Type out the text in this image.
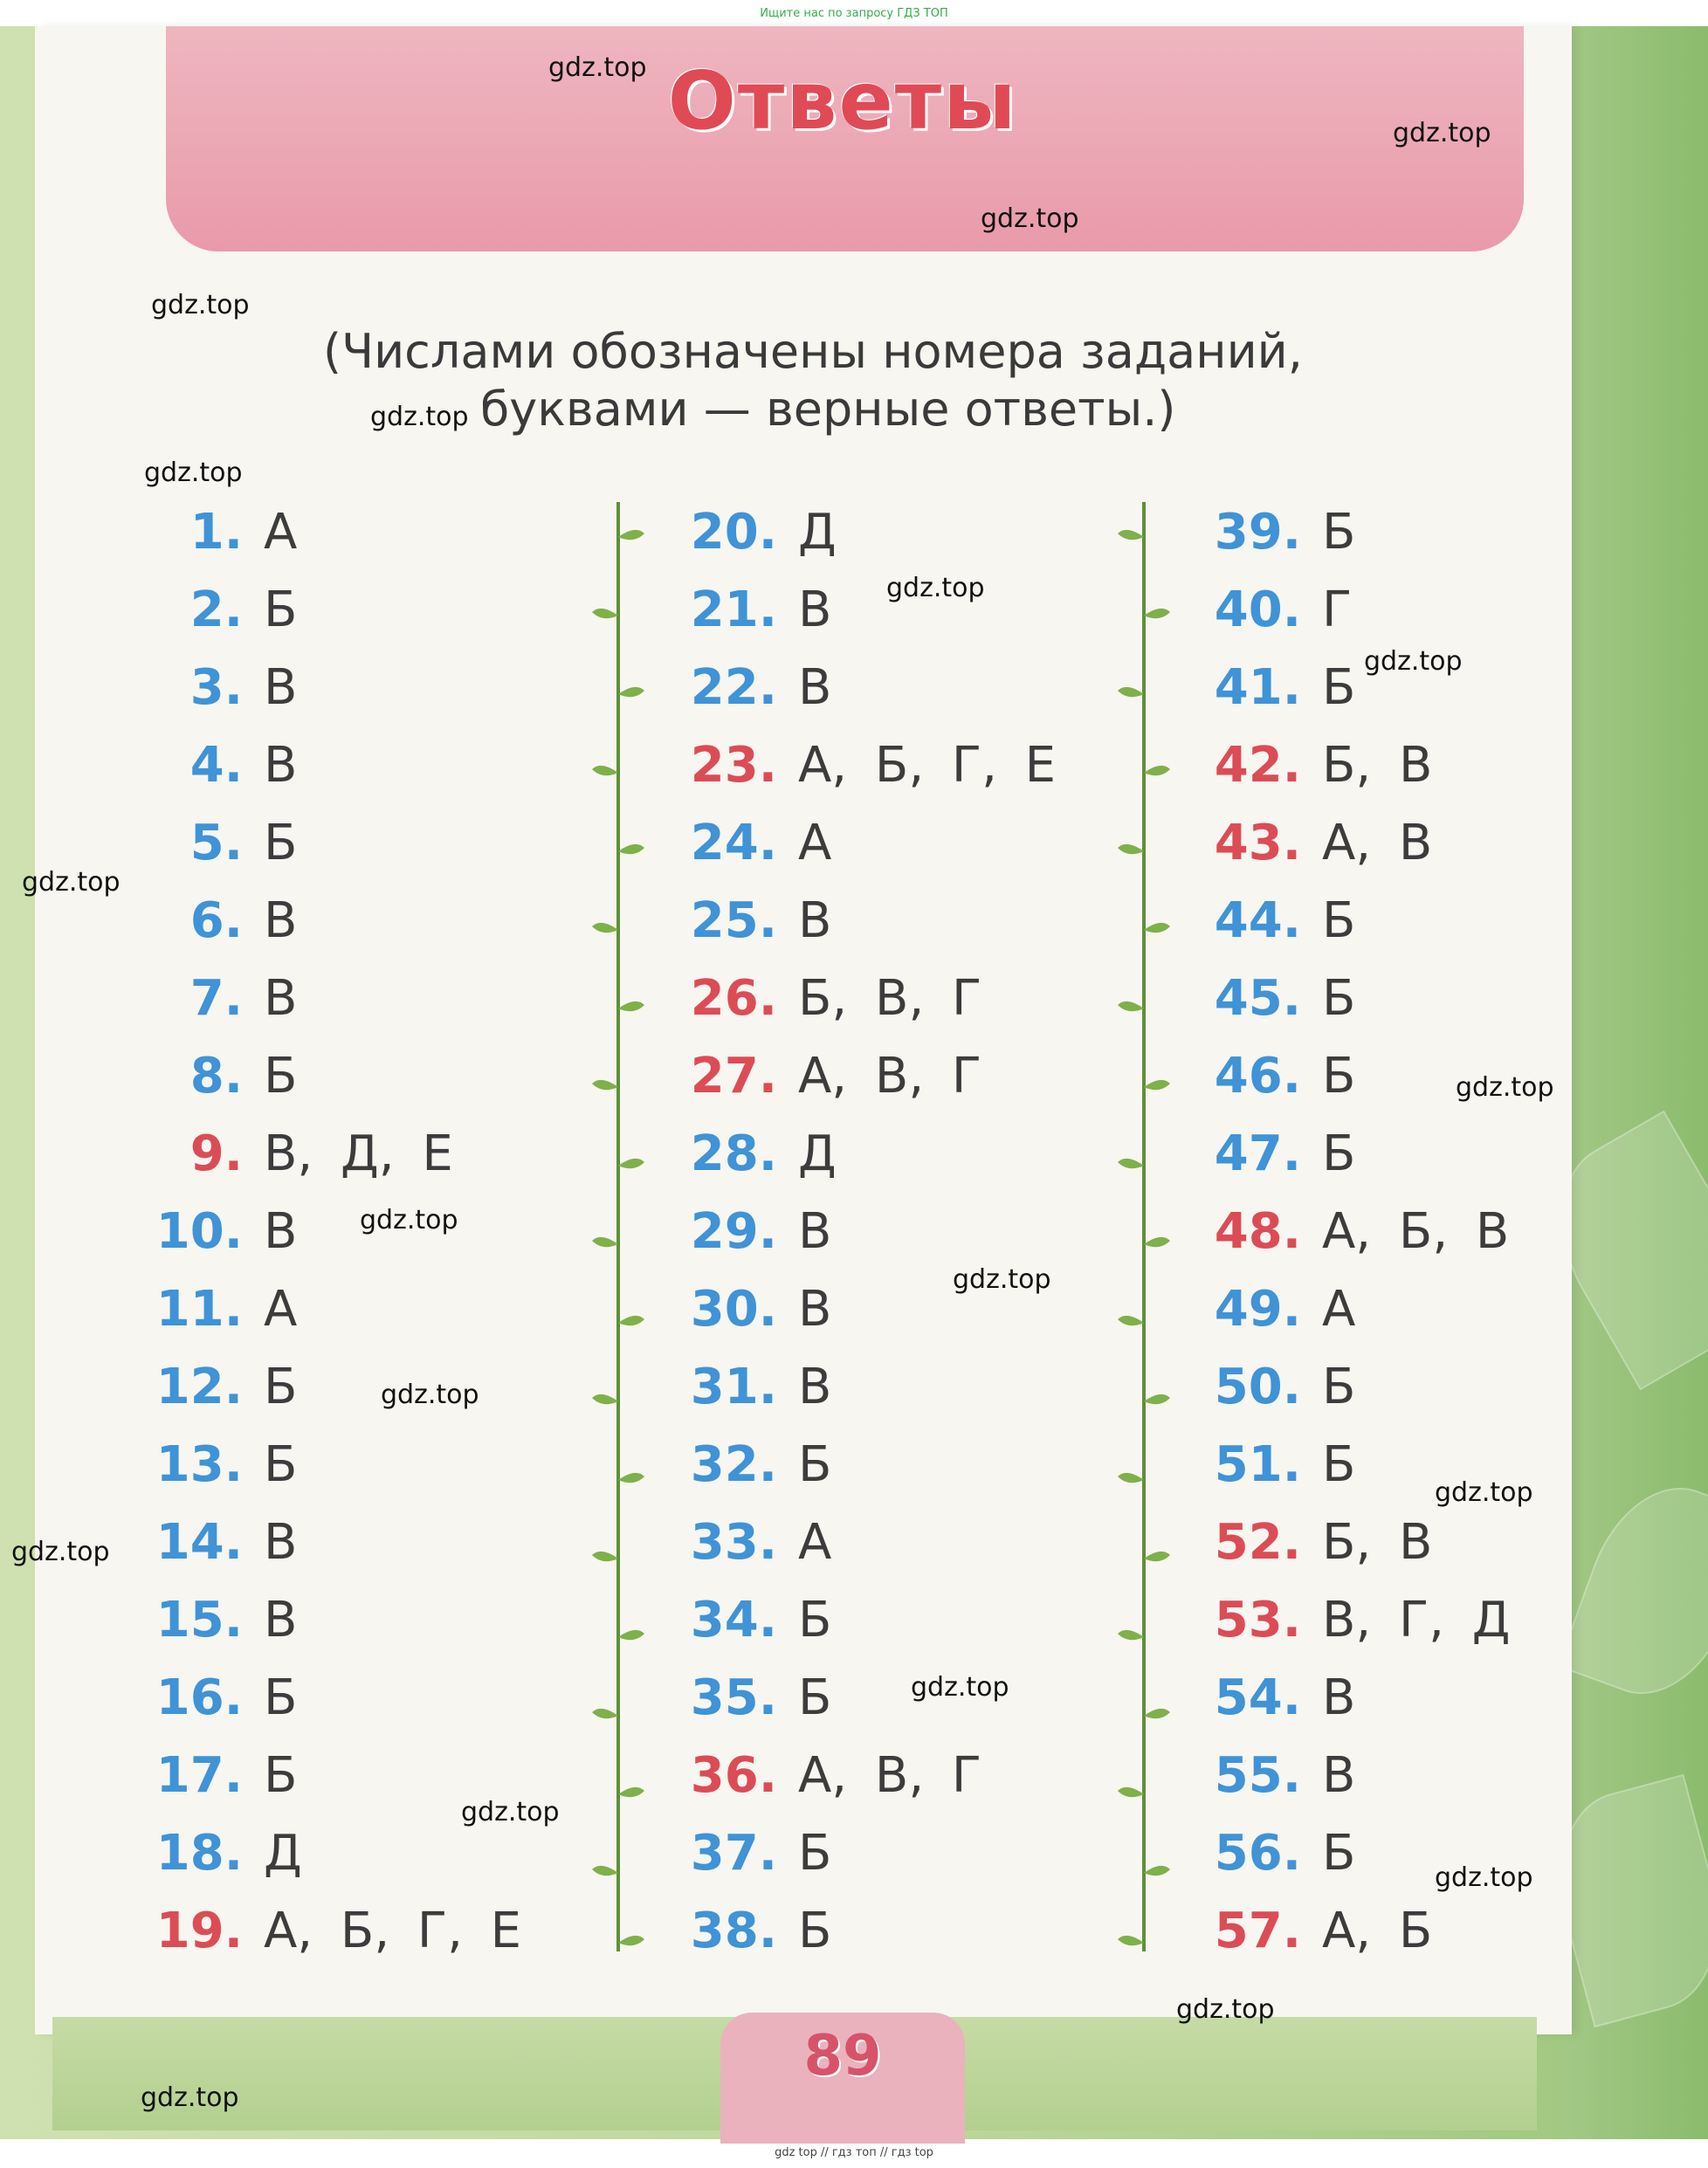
Ищите нас по запросу ГДЗ ТОП
Ответы
(Числами обозначены номера заданий,
буквами — верные ответы.)
1. А
2. Б
3. В
4. В
5. Б
6. В
7. В
8. Б
9. В, Д, Е
10. В
11. А
12. Б
13. Б
14. В
15. В
16. Б
17. Б
18. Д
19. А, Б, Г, Е
20. Д
21. В
22. В
23. А, Б, Г, Е
24. А
25. В
26. Б, В, Г
27. А, В, Г
28. Д
29. В
30. В
31. В
32. Б
33. А
34. Б
35. Б
36. А, В, Г
37. Б
38. Б
39. Б
40. Г
41. Б
42. Б, В
43. А, В
44. Б
45. Б
46. Б
47. Б
48. А, Б, В
49. А
50. Б
51. Б
52. Б, В
53. В, Г, Д
54. В
55. В
56. Б
57. А, Б
89
gdz.top
gdz.top
gdz.top
gdz.top
gdz.top
gdz.top
gdz.top
gdz.top
gdz.top
gdz.top
gdz.top
gdz.top
gdz.top
gdz.top
gdz.top
gdz.top
gdz.top
gdz.top
gdz.top
gdz.top
gdz top // гдз топ // гдз top
